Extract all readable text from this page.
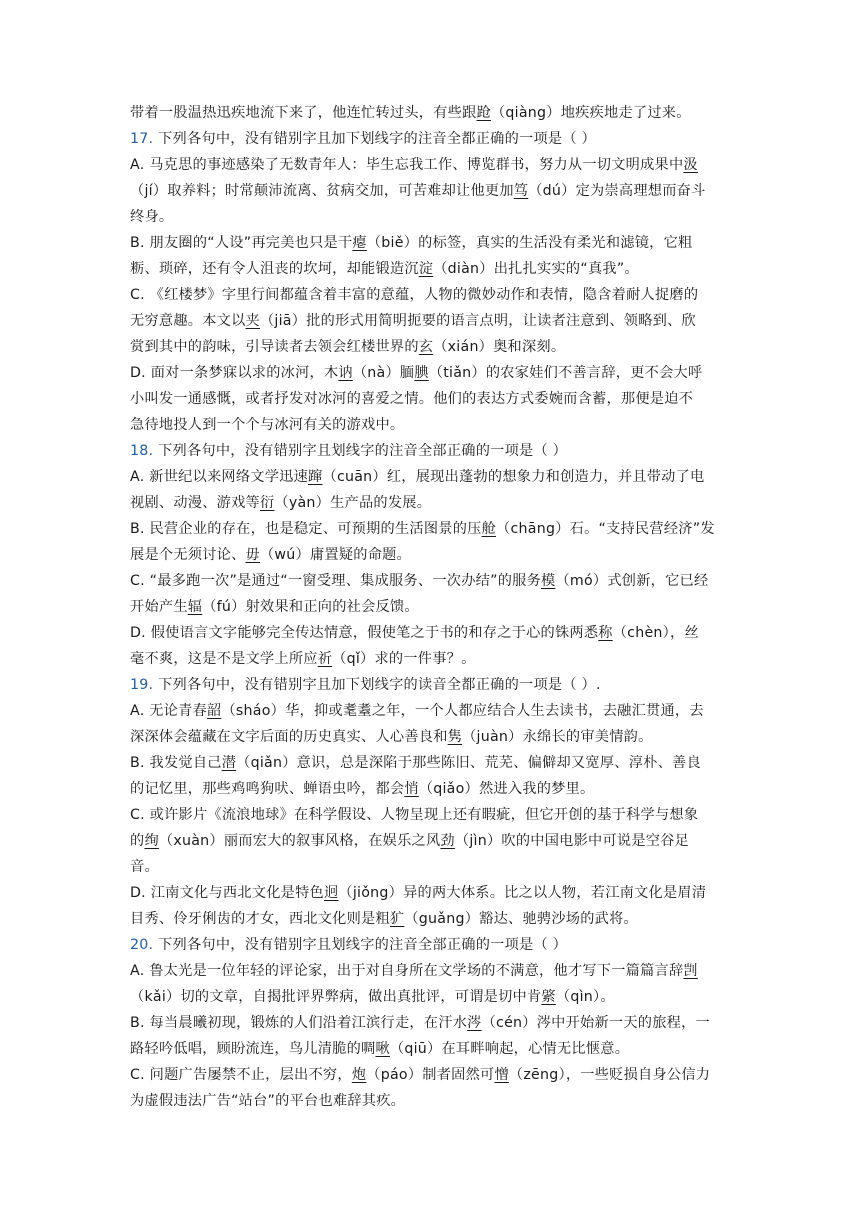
带着一股温热迅疾地流下来了，他连忙转过头，有些跟跄（qiàng）地疾疾地走了过来。
17. 下列各句中，没有错别字且加下划线字的注音全都正确的一项是（ ）
A. 马克思的事迹感染了无数青年人：毕生忘我工作、博览群书，努力从一切文明成果中汲
（jí）取养料；时常颠沛流离、贫病交加，可苦难却让他更加笃（dú）定为崇高理想而奋斗
终身。
B. 朋友圈的“人设”再完美也只是干瘪（biě）的标签，真实的生活没有柔光和滤镜，它粗
粝、琐碎，还有令人沮丧的坎坷，却能锻造沉淀（diàn）出扎扎实实的“真我”。
C. 《红楼梦》字里行间都蕴含着丰富的意蕴，人物的微妙动作和表情，隐含着耐人捉磨的
无穷意趣。本文以夹（jiā）批的形式用简明扼要的语言点明，让读者注意到、领略到、欣
赏到其中的韵味，引导读者去领会红楼世界的玄（xián）奥和深刻。
D. 面对一条梦寐以求的冰河，木讷（nà）腼腆（tiǎn）的农家娃们不善言辞，更不会大呼
小叫发一通感慨，或者抒发对冰河的喜爱之情。他们的表达方式委婉而含蓄，那便是迫不
急待地投人到一个个与冰河有关的游戏中。
18. 下列各句中，没有错别字且划线字的注音全部正确的一项是（ ）
A. 新世纪以来网络文学迅速蹿（cuān）红，展现出蓬勃的想象力和创造力，并且带动了电
视剧、动漫、游戏等衍（yàn）生产品的发展。
B. 民营企业的存在，也是稳定、可预期的生活图景的压舱（chāng）石。“支持民营经济”发
展是个无须讨论、毋（wú）庸置疑的命题。
C. “最多跑一次”是通过“一窗受理、集成服务、一次办结”的服务模（mó）式创新，它已经
开始产生辐（fú）射效果和正向的社会反馈。
D. 假使语言文字能够完全传达情意，假使笔之于书的和存之于心的铢两悉称（chèn），丝
毫不爽，这是不是文学上所应祈（qǐ）求的一件事？。
19. 下列各句中，没有错别字且加下划线字的读音全都正确的一项是（ ）.
A. 无论青春韶（sháo）华，抑或耄耋之年，一个人都应结合人生去读书，去融汇贯通，去
深深体会蕴藏在文字后面的历史真实、人心善良和隽（juàn）永绵长的审美情韵。
B. 我发觉自己潜（qiǎn）意识，总是深陷于那些陈旧、荒芜、偏僻却又宽厚、淳朴、善良
的记忆里，那些鸡鸣狗吠、蝉语虫吟，都会悄（qiǎo）然进入我的梦里。
C. 或许影片《流浪地球》在科学假设、人物呈现上还有暇疵，但它开创的基于科学与想象
的绚（xuàn）丽而宏大的叙事风格，在娱乐之风劲（jìn）吹的中国电影中可说是空谷足
音。
D. 江南文化与西北文化是特色迥（jiǒng）异的两大体系。比之以人物，若江南文化是眉清
目秀、伶牙俐齿的才女，西北文化则是粗犷（guǎng）豁达、驰骋沙场的武将。
20. 下列各句中，没有错别字且划线字的注音全部正确的一项是（ ）
A. 鲁太光是一位年轻的评论家，出于对自身所在文学场的不满意，他才写下一篇篇言辞剀
（kǎi）切的文章，自揭批评界弊病，做出真批评，可谓是切中肯綮（qìn）。
B. 每当晨曦初现，锻炼的人们沿着江滨行走，在汗水涔（cén）涔中开始新一天的旅程，一
路轻吟低唱，顾盼流连，鸟儿清脆的啁啾（qiū）在耳畔响起，心情无比惬意。
C. 问题广告屡禁不止，层出不穷，炮（páo）制者固然可憎（zēng），一些贬损自身公信力
为虚假违法广告“站台”的平台也难辞其疚。
